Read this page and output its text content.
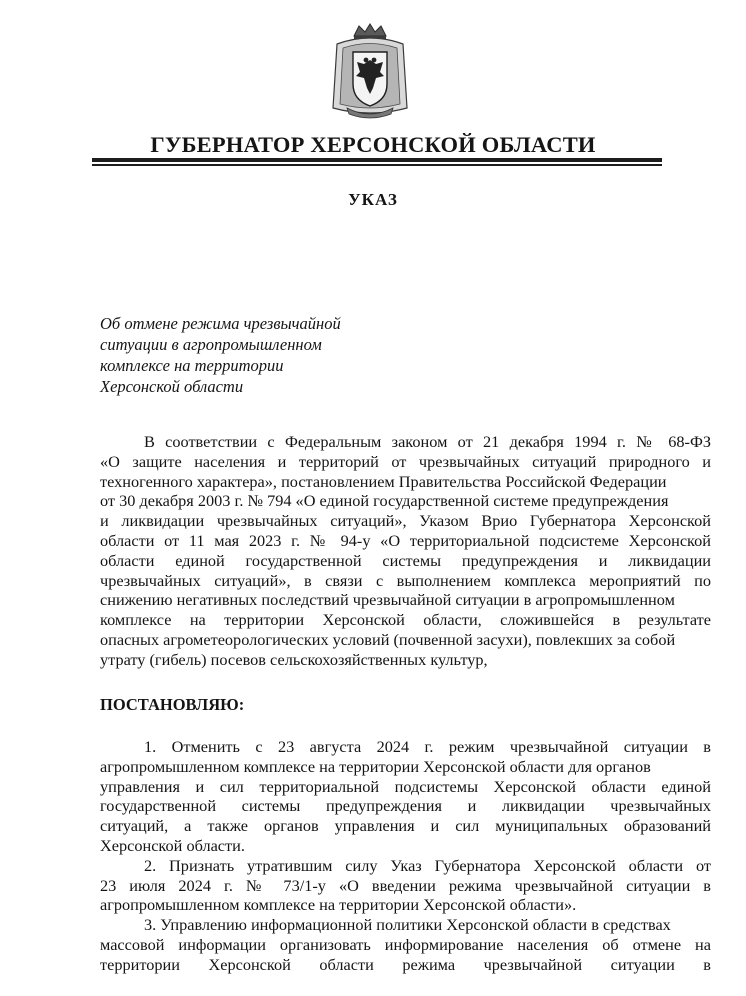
ГУБЕРНАТОР ХЕРСОНСКОЙ ОБЛАСТИ
УКАЗ
Об отмене режима чрезвычайной
ситуации в агропромышленном
комплексе на территории
Херсонской области
В соответствии с Федеральным законом от 21 декабря 1994 г. № 68-ФЗ
«О защите населения и территорий от чрезвычайных ситуаций природного и
техногенного характера», постановлением Правительства Российской Федерации
от 30 декабря 2003 г. № 794 «О единой государственной системе предупреждения
и ликвидации чрезвычайных ситуаций», Указом Врио Губернатора Херсонской
области от 11 мая 2023 г. № 94-у «О территориальной подсистеме Херсонской
области единой государственной системы предупреждения и ликвидации
чрезвычайных ситуаций», в связи с выполнением комплекса мероприятий по
снижению негативных последствий чрезвычайной ситуации в агропромышленном
комплексе на территории Херсонской области, сложившейся в результате
опасных агрометеорологических условий (почвенной засухи), повлекших за собой
утрату (гибель) посевов сельскохозяйственных культур,
ПОСТАНОВЛЯЮ:
1. Отменить с 23 августа 2024 г. режим чрезвычайной ситуации в
агропромышленном комплексе на территории Херсонской области для органов
управления и сил территориальной подсистемы Херсонской области единой
государственной системы предупреждения и ликвидации чрезвычайных
ситуаций, а также органов управления и сил муниципальных образований
Херсонской области.
2. Признать утратившим силу Указ Губернатора Херсонской области от
23 июля 2024 г. № 73/1-у «О введении режима чрезвычайной ситуации в
агропромышленном комплексе на территории Херсонской области».
3. Управлению информационной политики Херсонской области в средствах
массовой информации организовать информирование населения об отмене на
территории Херсонской области режима чрезвычайной ситуации в
